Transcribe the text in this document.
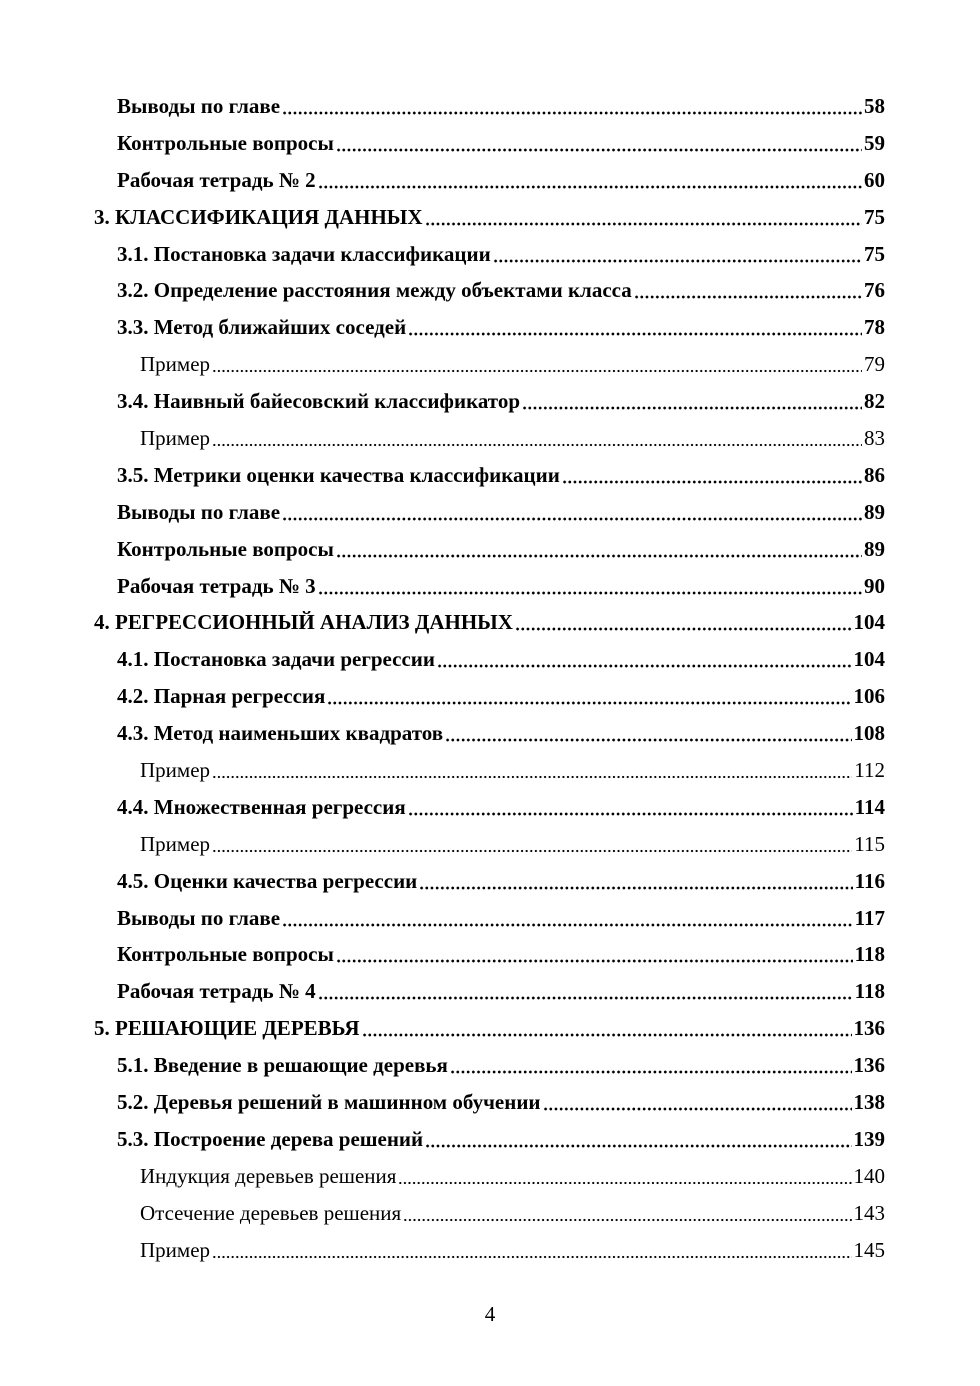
Выводы по главе	58
Контрольные вопросы	59
Рабочая тетрадь № 2	60
3. КЛАССИФИКАЦИЯ ДАННЫХ	75
3.1. Постановка задачи классификации	75
3.2. Определение расстояния между объектами класса	76
3.3. Метод ближайших соседей	78
Пример	79
3.4. Наивный байесовский классификатор	82
Пример	83
3.5. Метрики оценки качества классификации	86
Выводы по главе	89
Контрольные вопросы	89
Рабочая тетрадь № 3	90
4. РЕГРЕССИОННЫЙ АНАЛИЗ ДАННЫХ	104
4.1. Постановка задачи регрессии	104
4.2. Парная регрессия	106
4.3. Метод наименьших квадратов	108
Пример	112
4.4. Множественная регрессия	114
Пример	115
4.5. Оценки качества регрессии	116
Выводы по главе	117
Контрольные вопросы	118
Рабочая тетрадь № 4	118
5. РЕШАЮЩИЕ ДЕРЕВЬЯ	136
5.1. Введение в решающие деревья	136
5.2. Деревья решений в машинном обучении	138
5.3. Построение дерева решений	139
Индукция деревьев решения	140
Отсечение деревьев решения	143
Пример	145
4
